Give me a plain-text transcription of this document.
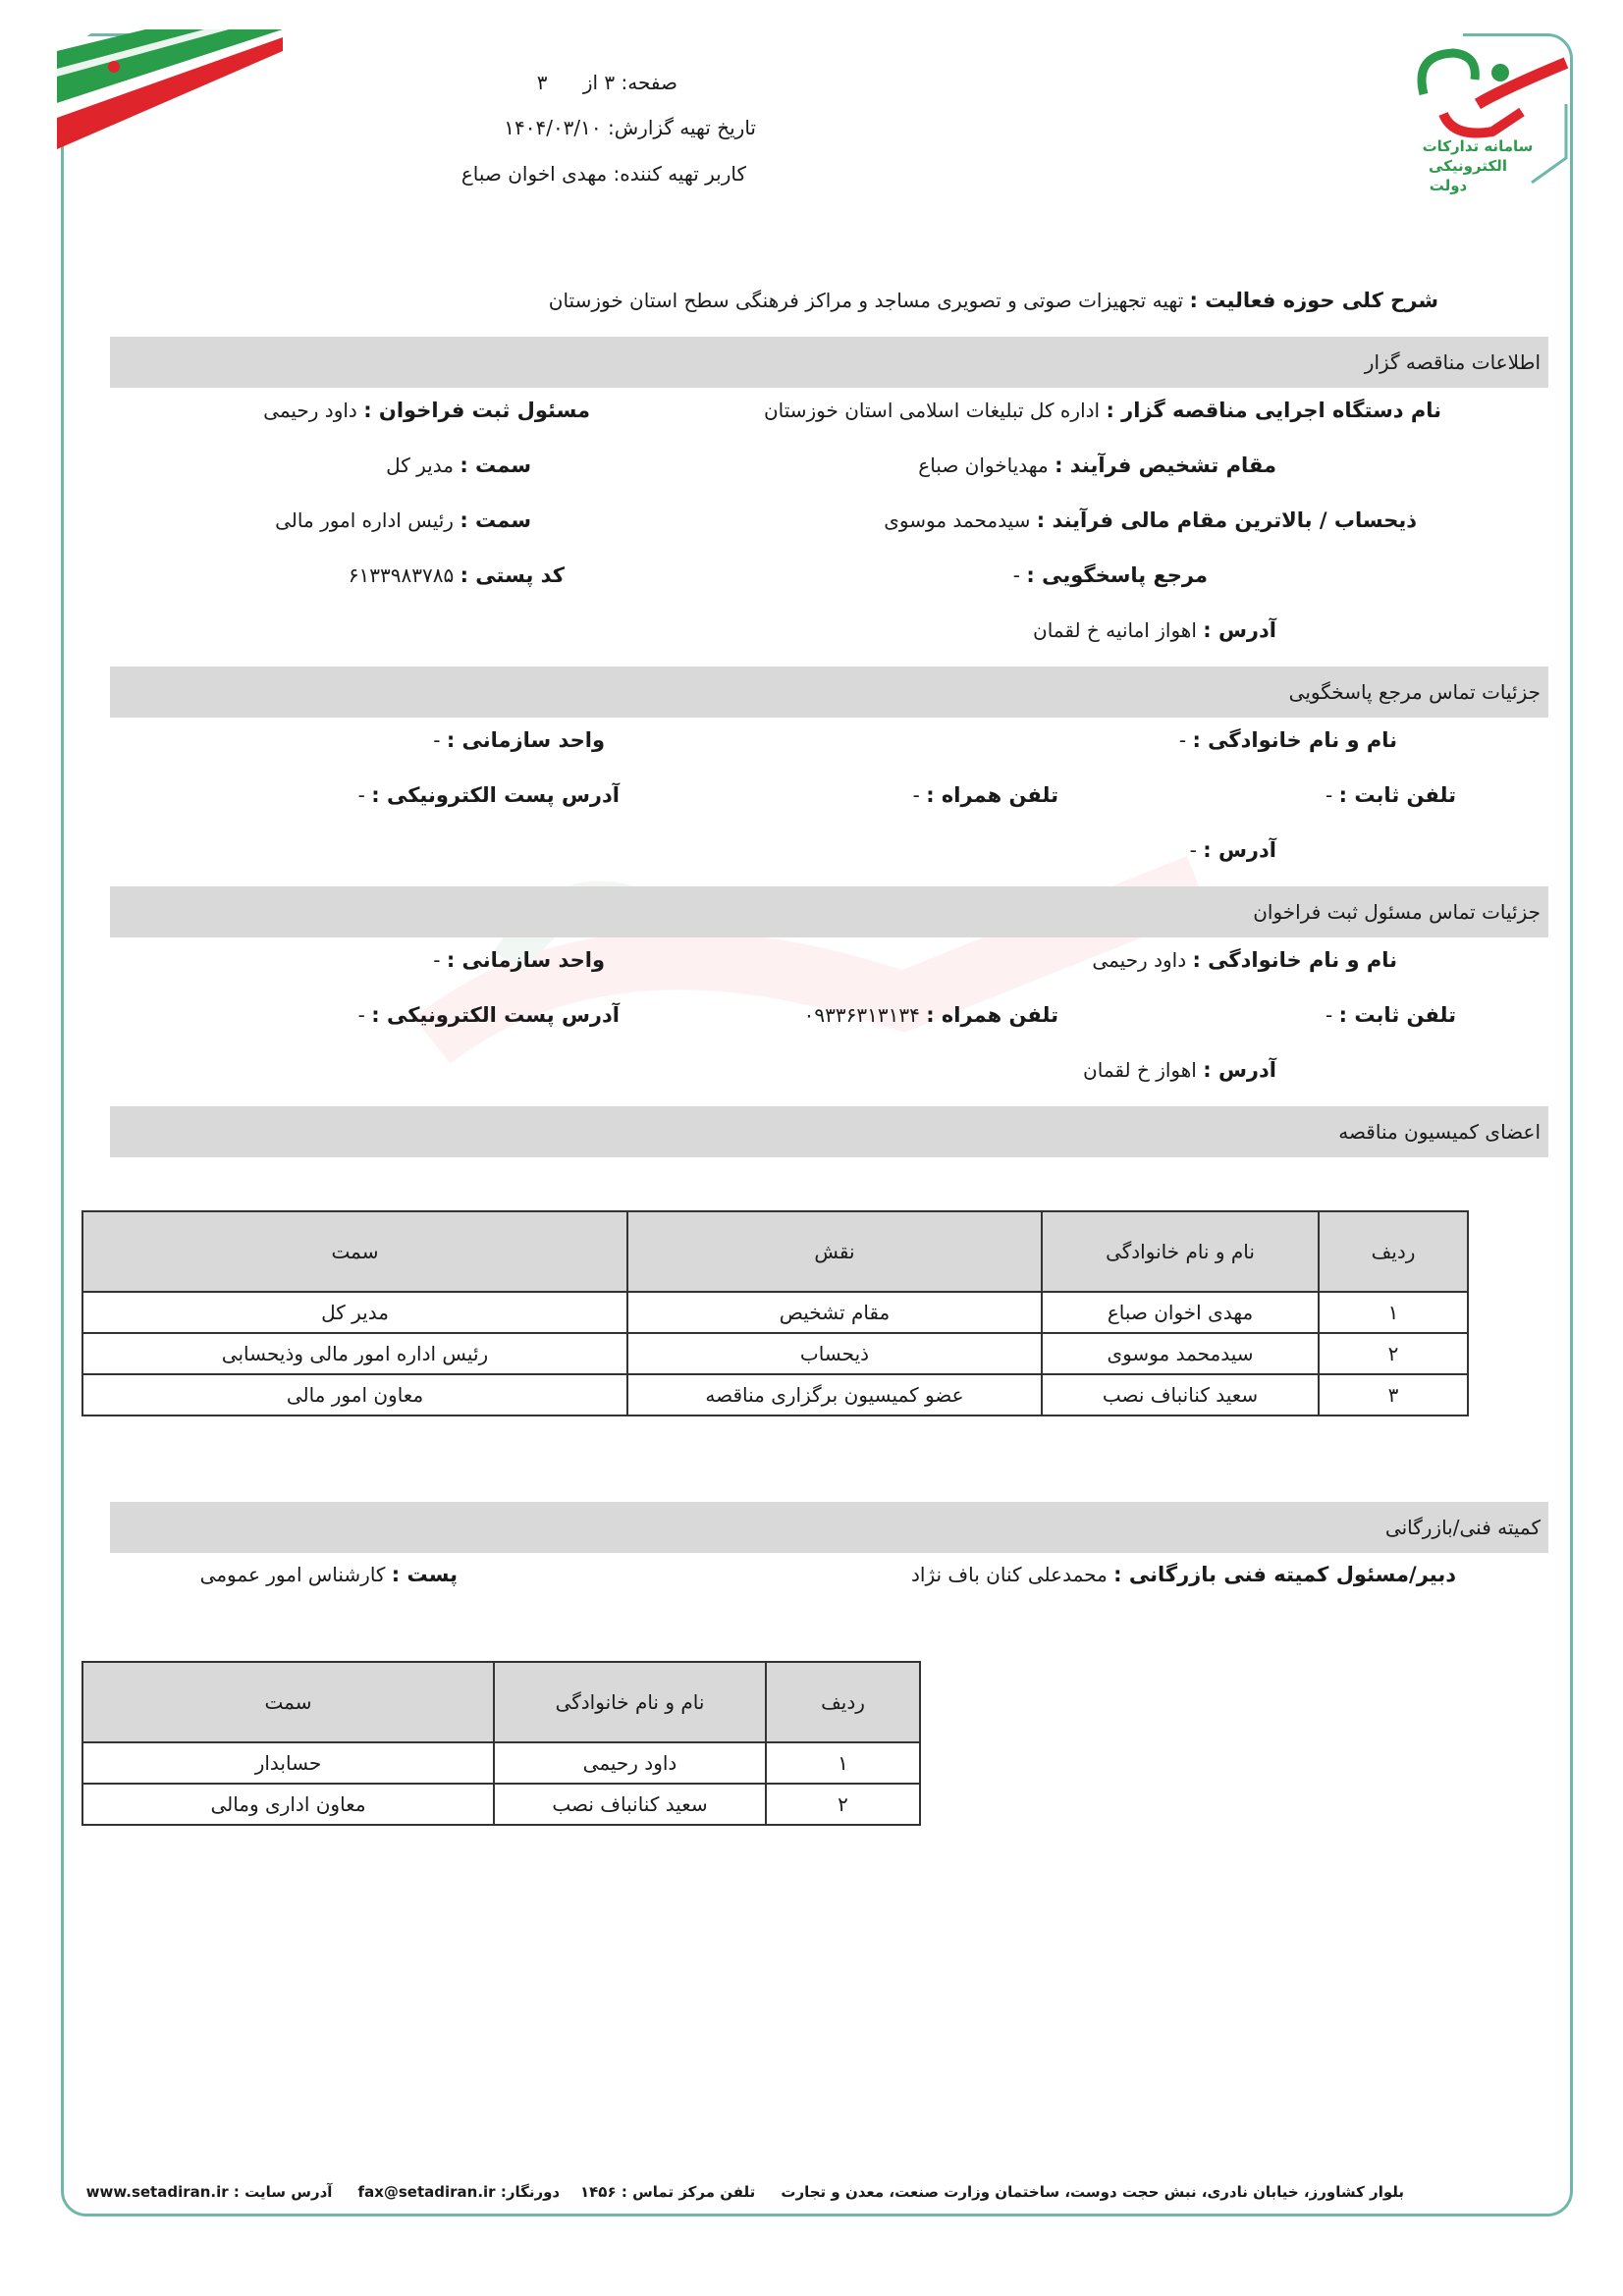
سامانه تدارکات
الکترونیکی
دولت
صفحه: ۳ از ۳
تاریخ تهیه گزارش: ۱۴۰۴/۰۳/۱۰
کاربر تهیه کننده: مهدی اخوان صباع
شرح کلی حوزه فعالیت : تهیه تجهیزات صوتی و تصویری مساجد و مراکز فرهنگی سطح استان خوزستان
اطلاعات مناقصه گزار
نام دستگاه اجرایی مناقصه گزار : اداره کل تبلیغات اسلامی استان خوزستان
مسئول ثبت فراخوان : داود رحیمی
مقام تشخیص فرآیند : مهدیاخوان صباع
سمت : مدیر کل
ذیحساب / بالاترین مقام مالی فرآیند : سیدمحمد موسوی
سمت : رئیس اداره امور مالی
مرجع پاسخگویی : -
کد پستی : ۶۱۳۳۹۸۳۷۸۵
آدرس : اهواز امانیه خ لقمان
جزئیات تماس مرجع پاسخگویی
نام و نام خانوادگی : -
واحد سازمانی : -
تلفن ثابت : -
تلفن همراه : -
آدرس پست الکترونیکی : -
آدرس : -
جزئیات تماس مسئول ثبت فراخوان
نام و نام خانوادگی : داود رحیمی
واحد سازمانی : -
تلفن ثابت : -
تلفن همراه : ۰۹۳۳۶۳۱۳۱۳۴
آدرس پست الکترونیکی : -
آدرس : اهواز خ لقمان
اعضای کمیسیون مناقصه
ردیف	نام و نام خانوادگی	نقش	سمت
۱	مهدی اخوان صباع	مقام تشخیص	مدیر کل
۲	سیدمحمد موسوی	ذیحساب	رئیس اداره امور مالی وذیحسابی
۳	سعید کنانباف نصب	عضو کمیسیون برگزاری مناقصه	معاون امور مالی
کمیته فنی/بازرگانی
دبیر/مسئول کمیته فنی بازرگانی : محمدعلی کنان باف نژاد
پست : کارشناس امور عمومی
ردیف	نام و نام خانوادگی	سمت
۱	داود رحیمی	حسابدار
۲	سعید کنانباف نصب	معاون اداری ومالی
بلوار کشاورز، خیابان نادری، نبش حجت دوست، ساختمان وزارت صنعت، معدن و تجارت     تلفن مرکز تماس : ۱۴۵۶    دورنگار: fax@setadiran.ir     آدرس سایت : www.setadiran.ir
